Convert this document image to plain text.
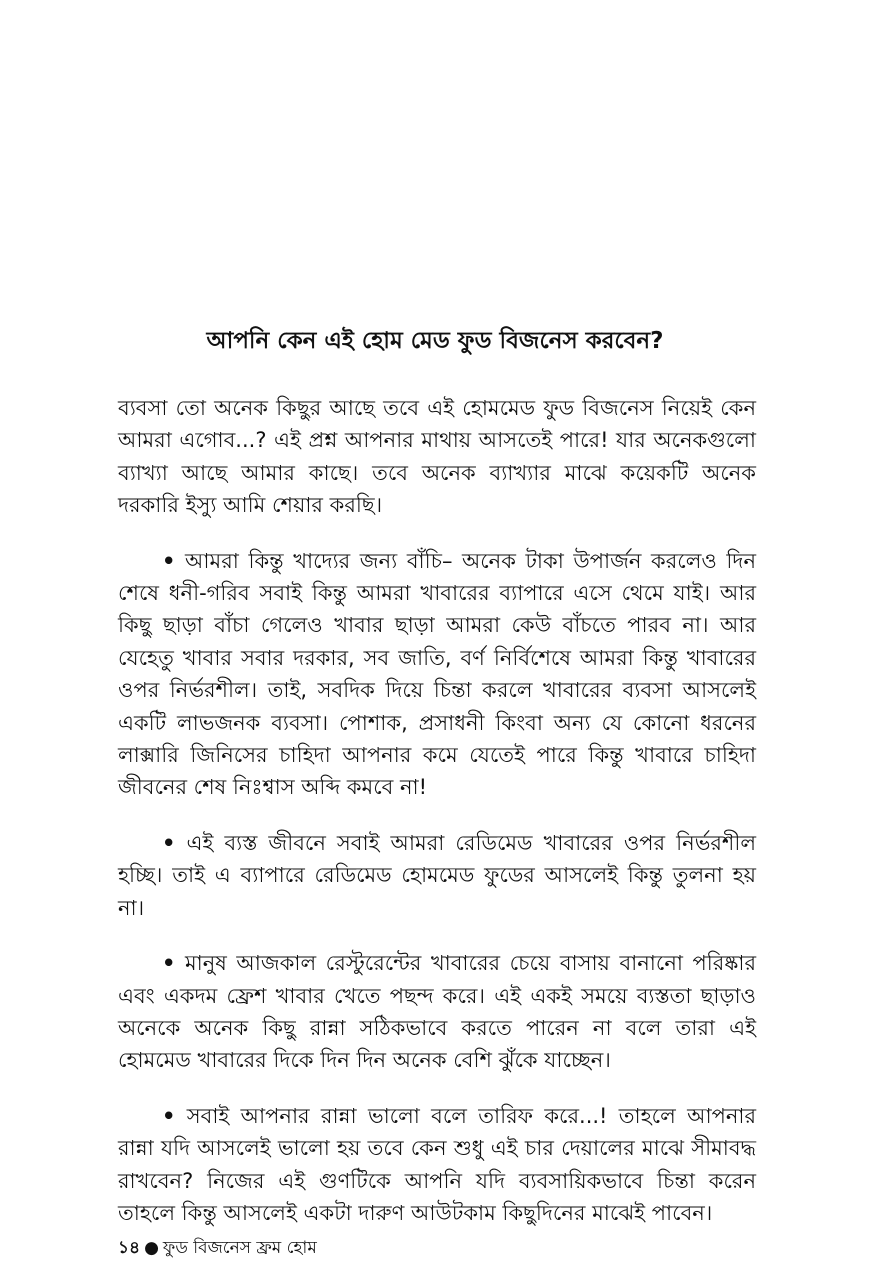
আপনি কেন এই হোম মেড ফুড বিজনেস করবেন?

ব্যবসা তো অনেক কিছুর আছে তবে এই হোমমেড ফুড বিজনেস নিয়েই কেন আমরা এগোব...? এই প্রশ্ন আপনার মাথায় আসতেই পারে! যার অনেকগুলো ব্যাখ্যা আছে আমার কাছে। তবে অনেক ব্যাখ্যার মাঝে কয়েকটি অনেক দরকারি ইস্যু আমি শেয়ার করছি।

• আমরা কিন্তু খাদ্যের জন্য বাঁচি– অনেক টাকা উপার্জন করলেও দিন শেষে ধনী-গরিব সবাই কিন্তু আমরা খাবারের ব্যাপারে এসে থেমে যাই। আর কিছু ছাড়া বাঁচা গেলেও খাবার ছাড়া আমরা কেউ বাঁচতে পারব না। আর যেহেতু খাবার সবার দরকার, সব জাতি, বর্ণ নির্বিশেষে আমরা কিন্তু খাবারের ওপর নির্ভরশীল। তাই, সবদিক দিয়ে চিন্তা করলে খাবারের ব্যবসা আসলেই একটি লাভজনক ব্যবসা। পোশাক, প্রসাধনী কিংবা অন্য যে কোনো ধরনের লাক্সারি জিনিসের চাহিদা আপনার কমে যেতেই পারে কিন্তু খাবারে চাহিদা জীবনের শেষ নিঃশ্বাস অব্দি কমবে না!

• এই ব্যস্ত জীবনে সবাই আমরা রেডিমেড খাবারের ওপর নির্ভরশীল হচ্ছি। তাই এ ব্যাপারে রেডিমেড হোমমেড ফুডের আসলেই কিন্তু তুলনা হয় না।

• মানুষ আজকাল রেস্টুরেন্টের খাবারের চেয়ে বাসায় বানানো পরিষ্কার এবং একদম ফ্রেশ খাবার খেতে পছন্দ করে। এই একই সময়ে ব্যস্ততা ছাড়াও অনেকে অনেক কিছু রান্না সঠিকভাবে করতে পারেন না বলে তারা এই হোমমেড খাবারের দিকে দিন দিন অনেক বেশি ঝুঁকে যাচ্ছেন।

• সবাই আপনার রান্না ভালো বলে তারিফ করে...! তাহলে আপনার রান্না যদি আসলেই ভালো হয় তবে কেন শুধু এই চার দেয়ালের মাঝে সীমাবদ্ধ রাখবেন? নিজের এই গুণটিকে আপনি যদি ব্যবসায়িকভাবে চিন্তা করেন তাহলে কিন্তু আসলেই একটা দারুণ আউটকাম কিছুদিনের মাঝেই পাবেন।

১৪ ● ফুড বিজনেস ফ্রম হোম
